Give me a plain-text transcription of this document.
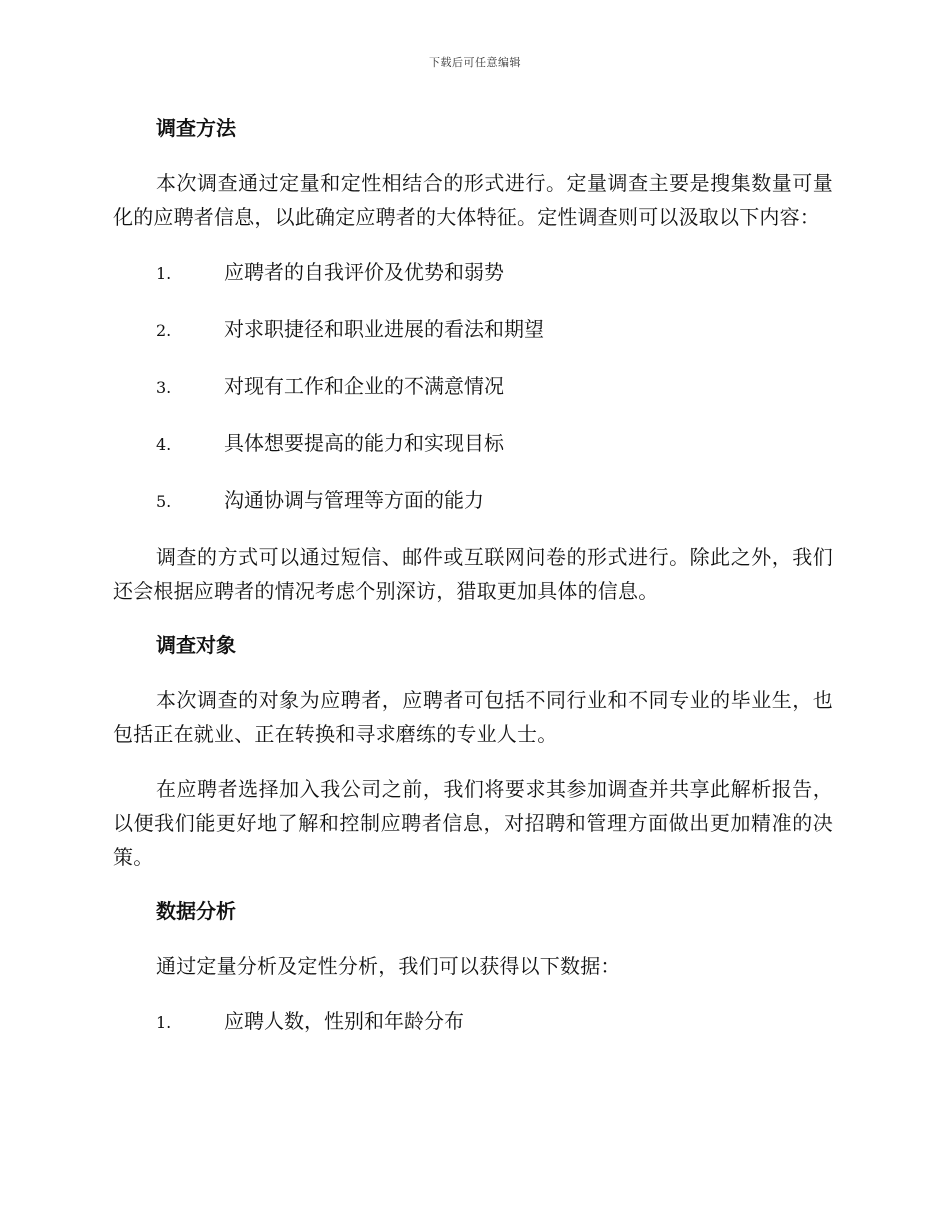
下载后可任意编辑
调查方法

本次调查通过定量和定性相结合的形式进行。定量调查主要是搜集数量可量化的应聘者信息，以此确定应聘者的大体特征。定性调查则可以汲取以下内容：

1.	应聘者的自我评价及优势和弱势
2.	对求职捷径和职业进展的看法和期望
3.	对现有工作和企业的不满意情况
4.	具体想要提高的能力和实现目标
5.	沟通协调与管理等方面的能力

调查的方式可以通过短信、邮件或互联网问卷的形式进行。除此之外，我们还会根据应聘者的情况考虑个别深访，猎取更加具体的信息。

调查对象

本次调查的对象为应聘者，应聘者可包括不同行业和不同专业的毕业生，也包括正在就业、正在转换和寻求磨练的专业人士。

在应聘者选择加入我公司之前，我们将要求其参加调查并共享此解析报告，以便我们能更好地了解和控制应聘者信息，对招聘和管理方面做出更加精准的决策。

数据分析

通过定量分析及定性分析，我们可以获得以下数据：

1.	应聘人数，性别和年龄分布
